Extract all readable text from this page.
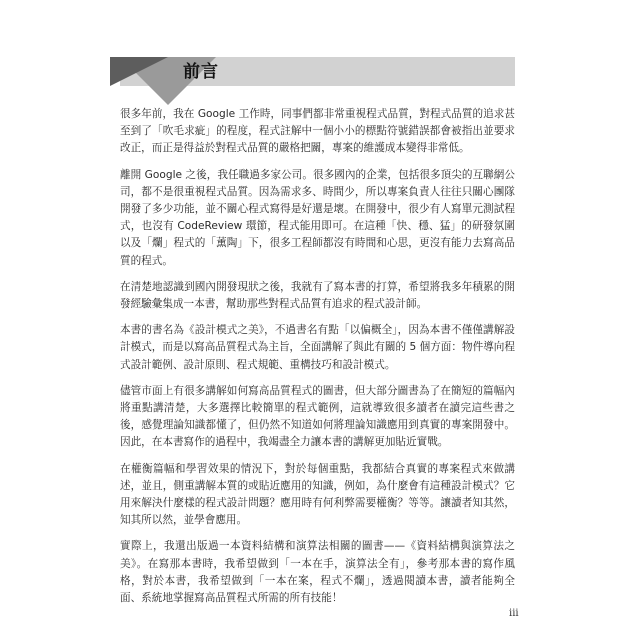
前言

很多年前，我在 Google 工作時，同事們都非常重視程式品質，對程式品質的追求甚至到了「吹毛求疵」的程度，程式註解中一個小小的標點符號錯誤都會被指出並要求改正，而正是得益於對程式品質的嚴格把關，專案的維護成本變得非常低。

離開 Google 之後，我任職過多家公司。很多國內的企業，包括很多頂尖的互聯網公司，都不是很重視程式品質。因為需求多、時間少，所以專案負責人往往只關心團隊開發了多少功能，並不關心程式寫得是好還是壞。在開發中，很少有人寫單元測試程式，也沒有 CodeReview 環節，程式能用即可。在這種「快、穩、猛」的研發氛圍以及「爛」程式的「薰陶」下，很多工程師都沒有時間和心思，更沒有能力去寫高品質的程式。

在清楚地認識到國內開發現狀之後，我就有了寫本書的打算，希望將我多年積累的開發經驗彙集成一本書，幫助那些對程式品質有追求的程式設計師。

本書的書名為《設計模式之美》，不過書名有點「以偏概全」，因為本書不僅僅講解設計模式，而是以寫高品質程式為主旨，全面講解了與此有關的 5 個方面：物件導向程式設計範例、設計原則、程式規範、重構技巧和設計模式。

儘管市面上有很多講解如何寫高品質程式的圖書，但大部分圖書為了在簡短的篇幅內將重點講清楚，大多選擇比較簡單的程式範例，這就導致很多讀者在讀完這些書之後，感覺理論知識都懂了，但仍然不知道如何將理論知識應用到真實的專案開發中。因此，在本書寫作的過程中，我竭盡全力讓本書的講解更加貼近實戰。

在權衡篇幅和學習效果的情況下，對於每個重點，我都結合真實的專案程式來做講述，並且，側重講解本質的或貼近應用的知識，例如，為什麼會有這種設計模式？它用來解決什麼樣的程式設計問題？應用時有何利弊需要權衡？等等。讓讀者知其然，知其所以然，並學會應用。

實際上，我還出版過一本資料結構和演算法相關的圖書——《資料結構與演算法之美》。在寫那本書時，我希望做到「一本在手，演算法全有」，參考那本書的寫作風格，對於本書，我希望做到「一本在案，程式不爛」，透過閱讀本書，讀者能夠全面、系統地掌握寫高品質程式所需的所有技能！

iii
